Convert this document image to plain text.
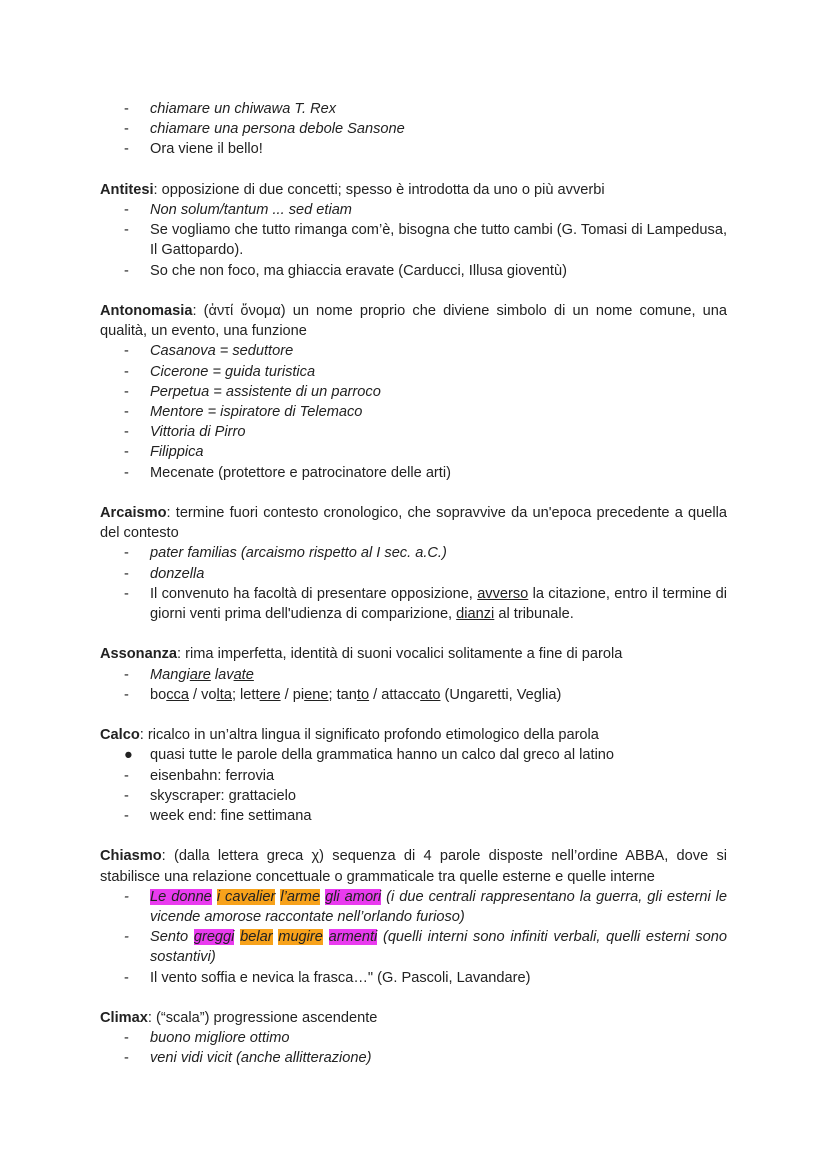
- chiamare un chiwawa T. Rex
- chiamare una persona debole Sansone
- Ora viene il bello!
Antitesi: opposizione di due concetti; spesso è introdotta da uno o più avverbi
- Non solum/tantum ... sed etiam
- Se vogliamo che tutto rimanga com’è, bisogna che tutto cambi (G. Tomasi di Lampedusa, Il Gattopardo).
- So che non foco, ma ghiaccia eravate (Carducci, Illusa gioventù)
Antonomasia: (ἀντί ὄνομα) un nome proprio che diviene simbolo di un nome comune, una qualità, un evento, una funzione
- Casanova = seduttore
- Cicerone = guida turistica
- Perpetua = assistente di un parroco
- Mentore = ispiratore di Telemaco
- Vittoria di Pirro
- Filippica
- Mecenate (protettore e patrocinatore delle arti)
Arcaismo: termine fuori contesto cronologico, che sopravvive da un'epoca precedente a quella del contesto
- pater familias (arcaismo rispetto al I sec. a.C.)
- donzella
- Il convenuto ha facoltà di presentare opposizione, avverso la citazione, entro il termine di giorni venti prima dell'udienza di comparizione, dianzi al tribunale.
Assonanza: rima imperfetta, identità di suoni vocalici solitamente a fine di parola
- Mangiare lavate
- bocca / volta; lettere / piene; tanto / attaccato (Ungaretti, Veglia)
Calco: ricalco in un’altra lingua il significato profondo etimologico della parola
● quasi tutte le parole della grammatica hanno un calco dal greco al latino
- eisenbahn: ferrovia
- skyscraper: grattacielo
- week end: fine settimana
Chiasmo: (dalla lettera greca χ) sequenza di 4 parole disposte nell’ordine ABBA, dove si stabilisce una relazione concettuale o grammaticale tra quelle esterne e quelle interne
- Le donne i cavalier l’arme gli amori (i due centrali rappresentano la guerra, gli esterni le vicende amorose raccontate nell’orlando furioso)
- Sento greggi belar mugire armenti (quelli interni sono infiniti verbali, quelli esterni sono sostantivi)
- Il vento soffia e nevica la frasca…" (G. Pascoli, Lavandare)
Climax: (“scala”) progressione ascendente
- buono migliore ottimo
- veni vidi vicit (anche allitterazione)
